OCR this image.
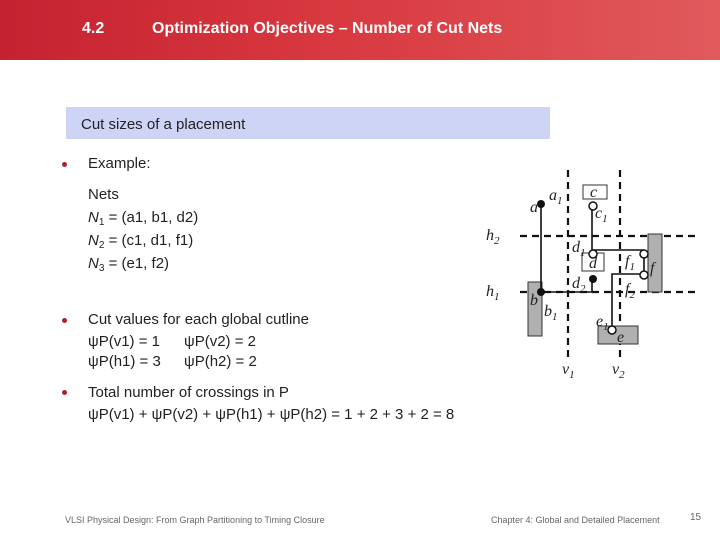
4.2	Optimization Objectives – Number of Cut Nets
Cut sizes of a placement
Example:
Nets
$N_1 = (a1$, b1, d2)
$N_2 = (c1$, d1, f1)
$N_3 = (e1$, f2)
Cut values for each global cutline
ψP(v1) = 1 ψP(v2) = 2
ψP(h1) = 3 ψP(h2) = 2
Total number of crossings in P
ψP(v1) + ψP(v2) + ψP(h1) + ψP(h2) = 1 + 2 + 3 + 2 = 8
a
$a_1$ c
$c_1$
$h_2$
$h_1$
$d_1$
d
$d_2$
$f_1$ f
$f_2$
b
$b_1$ $e_1$
e
$v_1$ $v_2$
VLSI Physical Design: From Graph Partitioning to Timing Closure	Chapter 4: Global and Detailed Placement	15
